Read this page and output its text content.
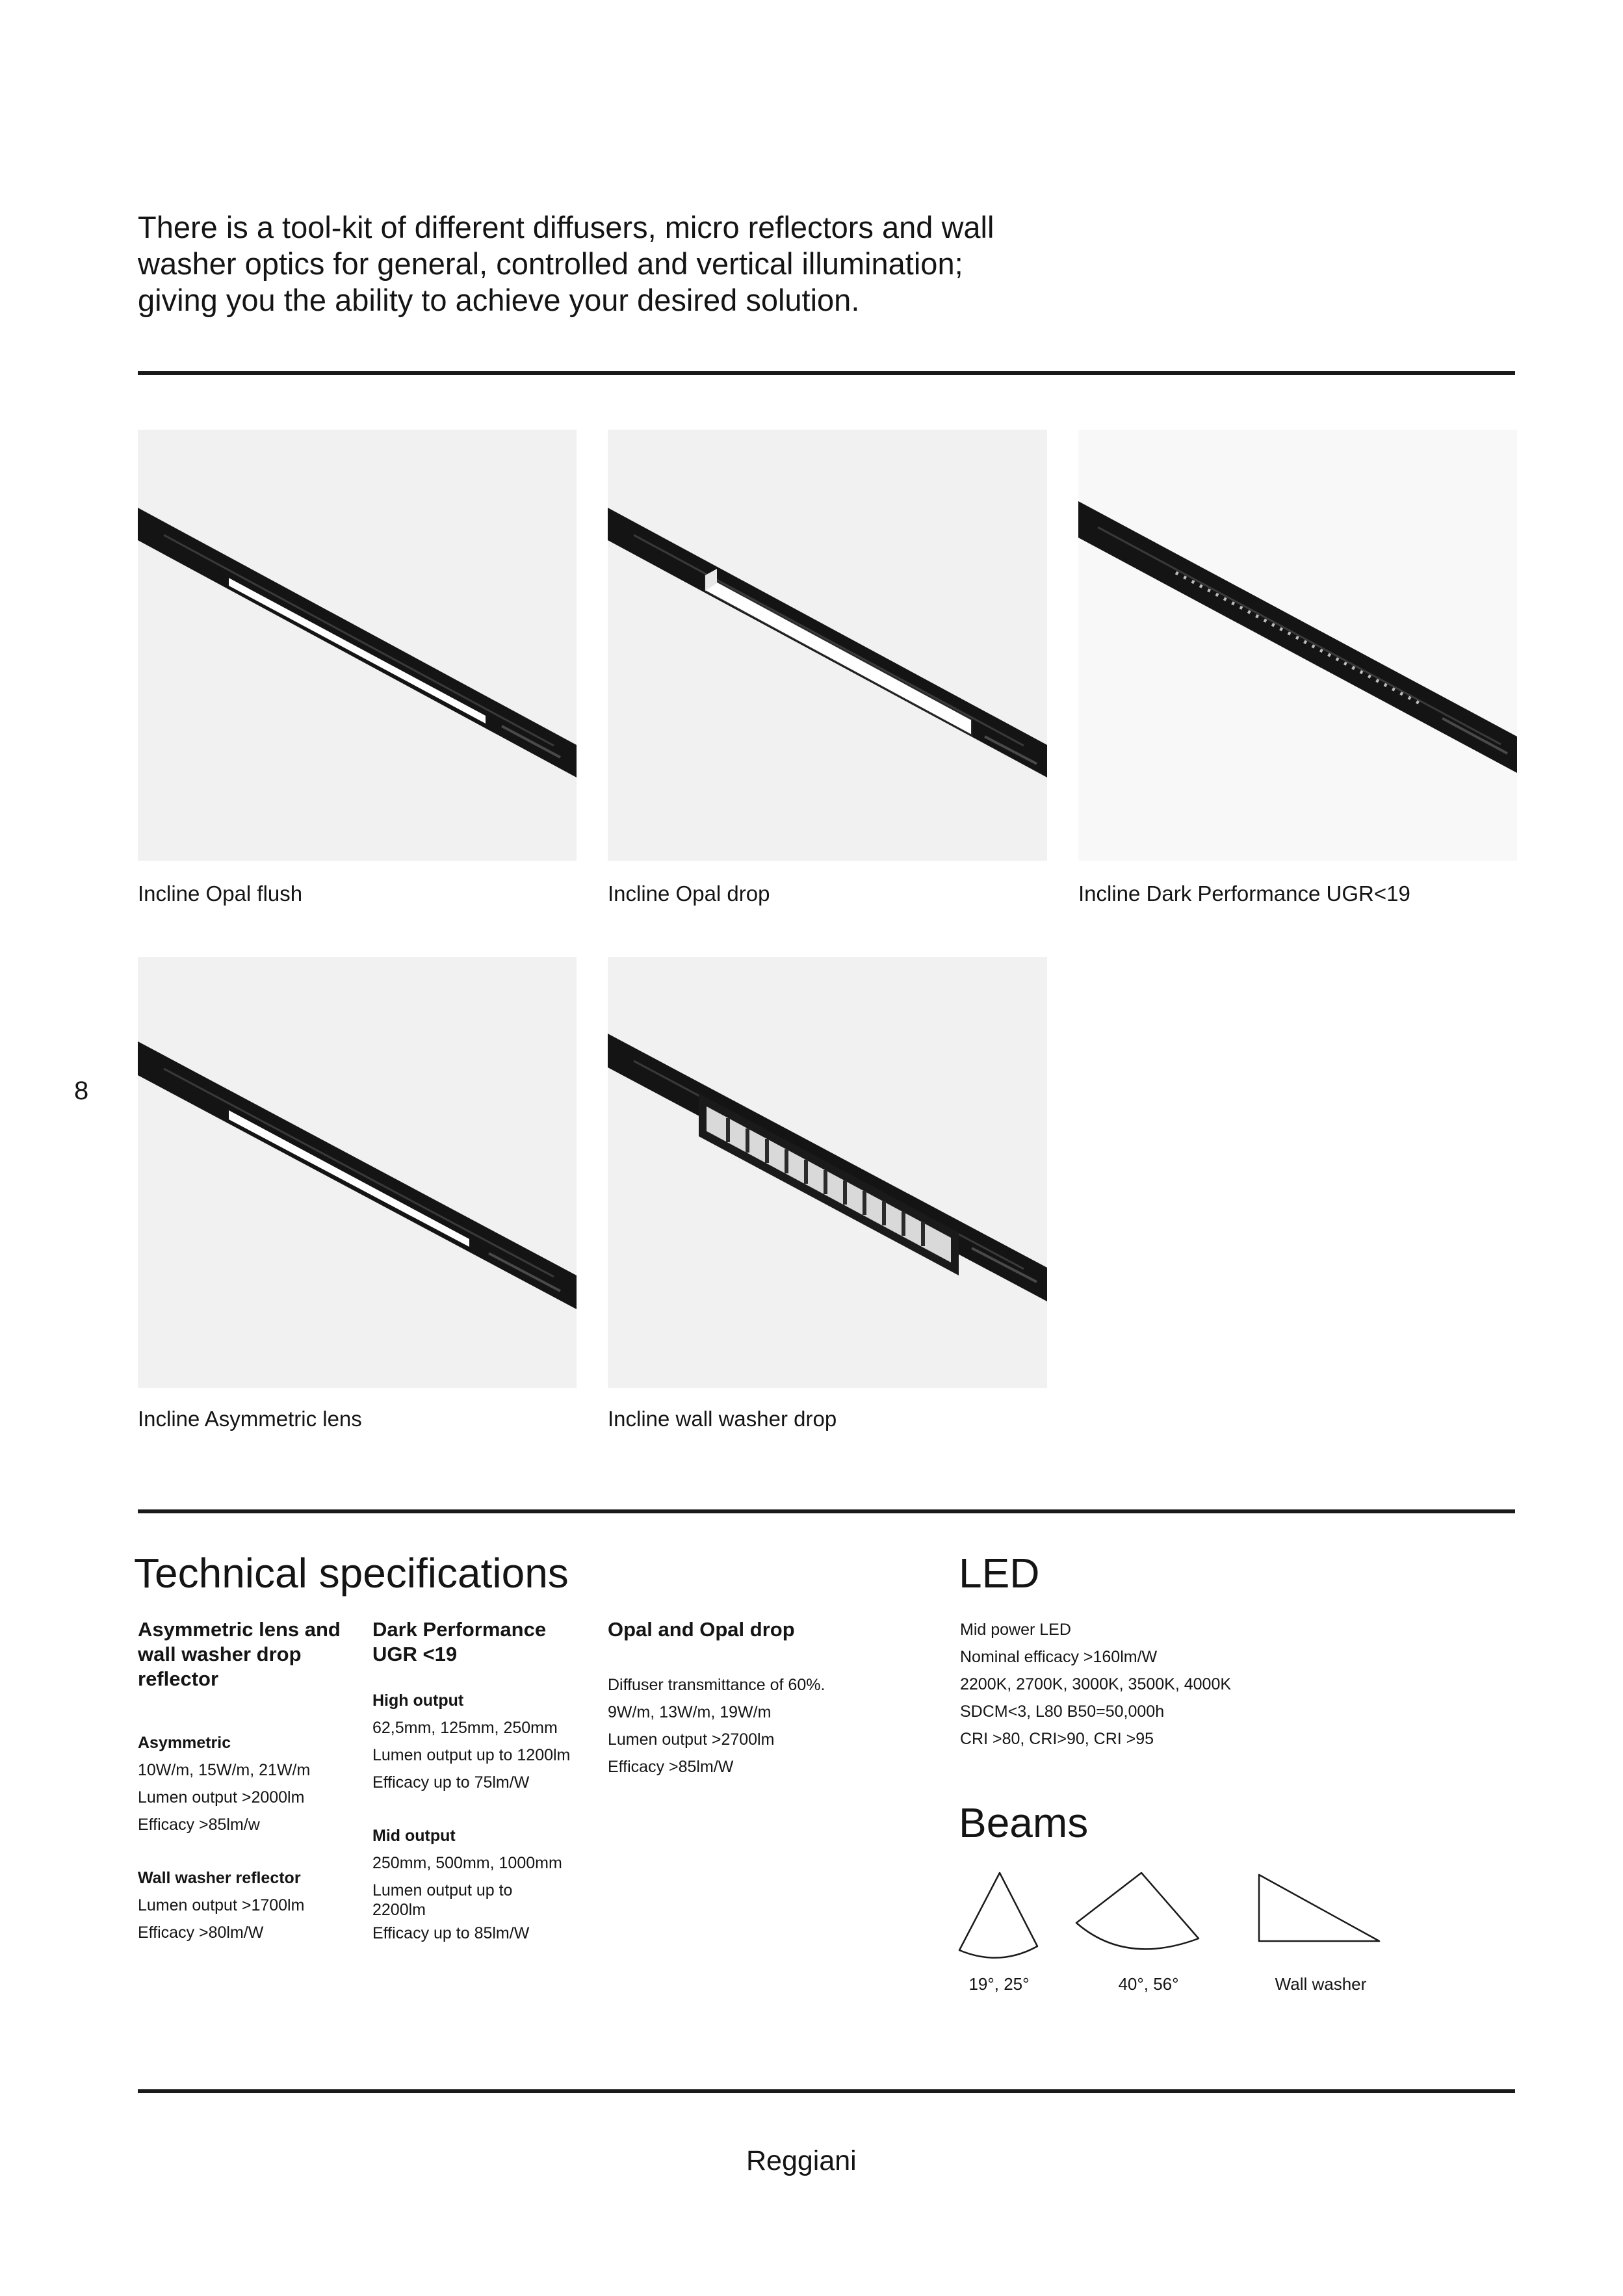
There is a tool-kit of different diffusers, micro reflectors and wall
washer optics for general, controlled and vertical illumination;
giving you the ability to achieve your desired solution.

Incline Opal flush	Incline Opal drop	Incline Dark Performance UGR<19
Incline Asymmetric lens	Incline wall washer drop
8
Technical specifications

Asymmetric lens and
wall washer drop
reflector

Asymmetric

10W/m, 15W/m, 21W/m

Lumen output >2000lm

Efficacy >85lm/w

Wall washer reflector

Lumen output >1700lm

Efficacy >80lm/W

Dark Performance
UGR <19

High output

62,5mm, 125mm, 250mm

Lumen output up to 1200lm

Efficacy up to 75lm/W

Mid output

250mm, 500mm, 1000mm

Lumen output up to
2200lm

Efficacy up to 85lm/W

Opal and Opal drop

Diffuser transmittance of 60%.

9W/m, 13W/m, 19W/m

Lumen output >2700lm

Efficacy >85lm/W

LED

Mid power LED

Nominal efficacy >160lm/W

2200K, 2700K, 3000K, 3500K, 4000K

SDCM<3, L80 B50=50,000h

CRI >80, CRI>90, CRI >95

Beams
19°, 25°	40°, 56°	Wall washer
Reggiani
